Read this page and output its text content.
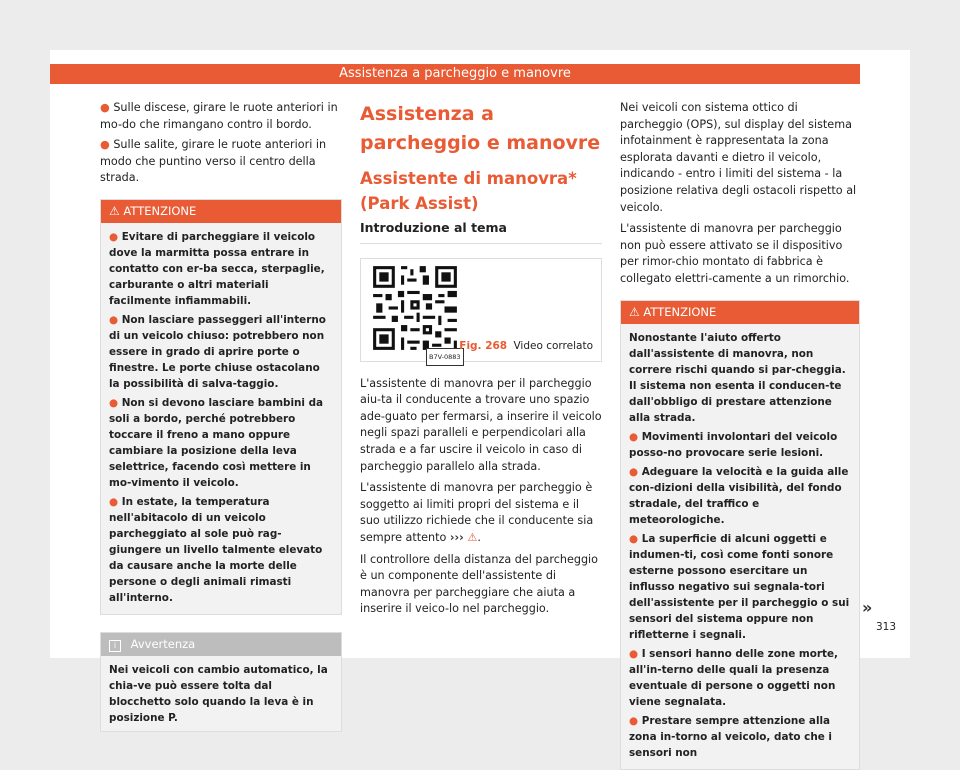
Assistenza a parcheggio e manovre

● Sulle discese, girare le ruote anteriori in mo-do che rimangano contro il bordo.

● Sulle salite, girare le ruote anteriori in modo che puntino verso il centro della strada.

⚠ ATTENZIONE

● Evitare di parcheggiare il veicolo dove la marmitta possa entrare in contatto con er-ba secca, sterpaglie, carburante o altri materiali facilmente infiammabili.

● Non lasciare passeggeri all'interno di un veicolo chiuso: potrebbero non essere in grado di aprire porte o finestre. Le porte chiuse ostacolano la possibilità di salva-taggio.

● Non si devono lasciare bambini da soli a bordo, perché potrebbero toccare il freno a mano oppure cambiare la posizione della leva selettrice, facendo così mettere in mo-vimento il veicolo.

● In estate, la temperatura nell'abitacolo di un veicolo parcheggiato al sole può rag-giungere un livello talmente elevato da causare anche la morte delle persone o degli animali rimasti all'interno.

i Avvertenza
Nei veicoli con cambio automatico, la chia-ve può essere tolta dal blocchetto solo quando la leva è in posizione P.
Assistenza a parcheggio e manovre
Assistente di manovra* (Park Assist)
Introduzione al tema
B7V-0883
Fig. 268 Video correlato

L'assistente di manovra per il parcheggio aiu-ta il conducente a trovare uno spazio ade-guato per fermarsi, a inserire il veicolo negli spazi paralleli e perpendicolari alla strada e a far uscire il veicolo in caso di parcheggio parallelo alla strada.

L'assistente di manovra per parcheggio è soggetto ai limiti propri del sistema e il suo utilizzo richiede che il conducente sia sempre attento ››› ⚠.

Il controllore della distanza del parcheggio è un componente dell'assistente di manovra per parcheggiare che aiuta a inserire il veico-lo nel parcheggio.

Nei veicoli con sistema ottico di parcheggio (OPS), sul display del sistema infotainment è rappresentata la zona esplorata davanti e dietro il veicolo, indicando - entro i limiti del sistema - la posizione relativa degli ostacoli rispetto al veicolo.

L'assistente di manovra per parcheggio non può essere attivato se il dispositivo per rimor-chio montato di fabbrica è collegato elettri-camente a un rimorchio.

⚠ ATTENZIONE

Nonostante l'aiuto offerto dall'assistente di manovra, non correre rischi quando si par-cheggia. Il sistema non esenta il conducen-te dall'obbligo di prestare attenzione alla strada.

● Movimenti involontari del veicolo posso-no provocare serie lesioni.

● Adeguare la velocità e la guida alle con-dizioni della visibilità, del fondo stradale, del traffico e meteorologiche.

● La superficie di alcuni oggetti e indumen-ti, così come fonti sonore esterne possono esercitare un influsso negativo sui segnala-tori dell'assistente per il parcheggio o sui sensori del sistema oppure non rifletterne i segnali.

● I sensori hanno delle zone morte, all'in-terno delle quali la presenza eventuale di persone o oggetti non viene segnalata.

● Prestare sempre attenzione alla zona in-torno al veicolo, dato che i sensori non

»
313
